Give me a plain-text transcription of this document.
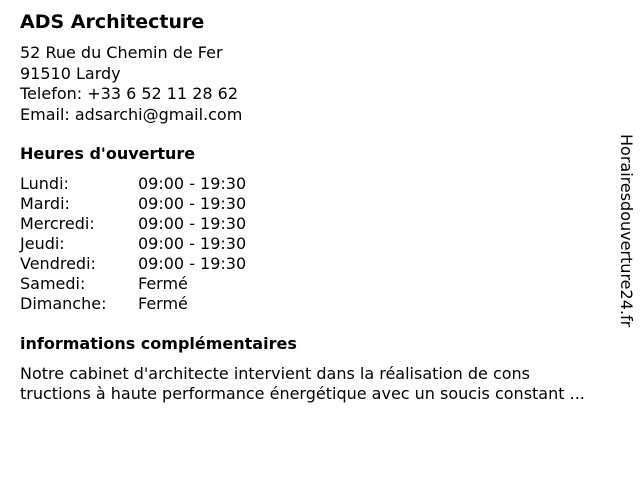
ADS Architecture
52 Rue du Chemin de Fer
91510 Lardy
Telefon: +33 6 52 11 28 62
Email: adsarchi@gmail.com
Heures d'ouverture
Lundi:	09:00 - 19:30
Mardi:	09:00 - 19:30
Mercredi:	09:00 - 19:30
Jeudi:	09:00 - 19:30
Vendredi:	09:00 - 19:30
Samedi:	Fermé
Dimanche: Fermé
informations complémentaires
Notre cabinet d'architecte intervient dans la réalisation de cons
tructions à haute performance énergétique avec un soucis constant ...
Horairesdouverture24.fr
